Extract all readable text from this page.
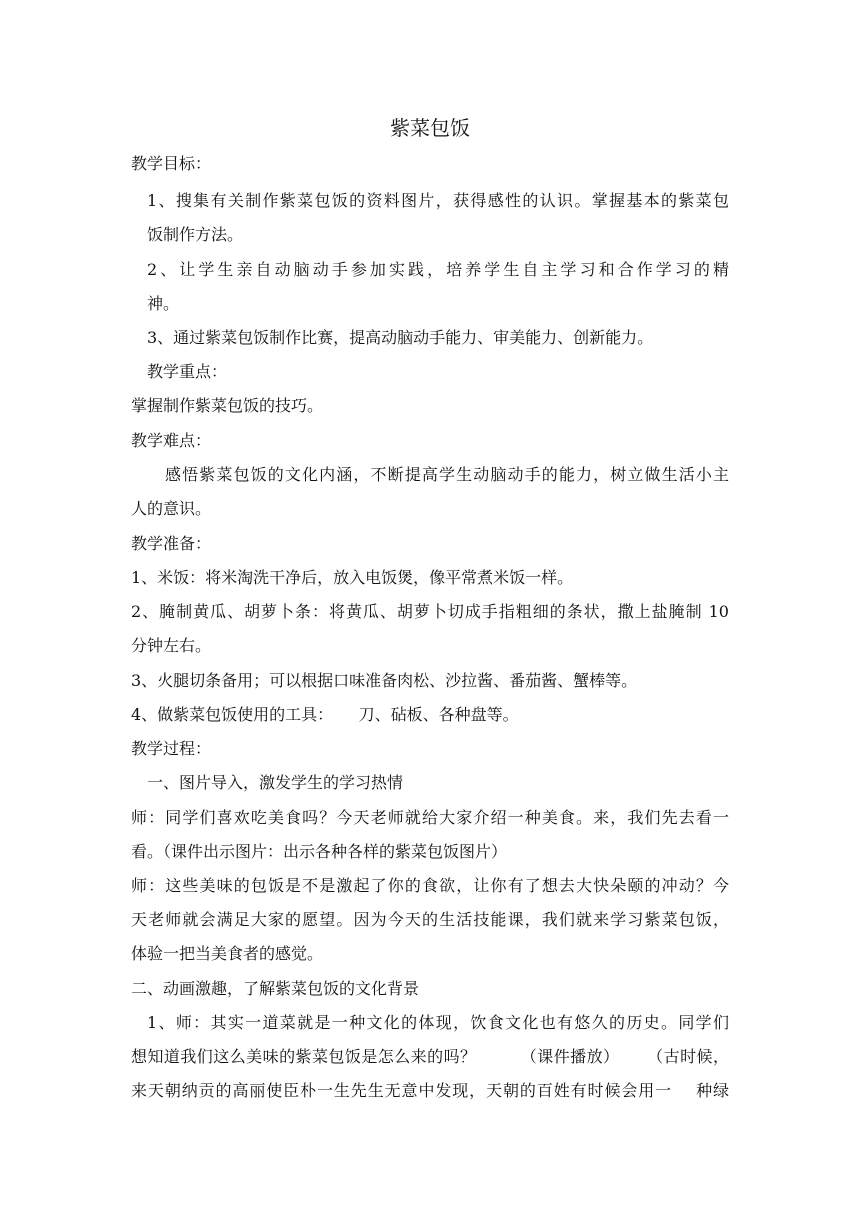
紫菜包饭
教学目标：
1、搜集有关制作紫菜包饭的资料图片，获得感性的认识。掌握基本的紫菜包
饭制作方法。
2、让学生亲自动脑动手参加实践，培养学生自主学习和合作学习的精
神。
3、通过紫菜包饭制作比赛，提高动脑动手能力、审美能力、创新能力。
教学重点：
掌握制作紫菜包饭的技巧。
教学难点：
感悟紫菜包饭的文化内涵，不断提高学生动脑动手的能力，树立做生活小主
人的意识。
教学准备：
1、米饭：将米淘洗干净后，放入电饭煲，像平常煮米饭一样。
2、腌制黄瓜、胡萝卜条：将黄瓜、胡萝卜切成手指粗细的条状，撒上盐腌制 10
分钟左右。
3、火腿切条备用；可以根据口味准备肉松、沙拉酱、番茄酱、蟹棒等。
4、做紫菜包饭使用的工具：     刀、砧板、各种盘等。
教学过程：
一、图片导入，激发学生的学习热情
师：同学们喜欢吃美食吗？今天老师就给大家介绍一种美食。来，我们先去看一
看。（课件出示图片：出示各种各样的紫菜包饭图片）
师：这些美味的包饭是不是激起了你的食欲，让你有了想去大快朵颐的冲动？今
天老师就会满足大家的愿望。因为今天的生活技能课，我们就来学习紫菜包饭，
体验一把当美食者的感觉。
二、动画激趣，了解紫菜包饭的文化背景
1、师：其实一道菜就是一种文化的体现，饮食文化也有悠久的历史。同学们
想知道我们这么美味的紫菜包饭是怎么来的吗？        （课件播放）     （古时候，
来天朝纳贡的高丽使臣朴一生先生无意中发现，天朝的百姓有时候会用一    种绿
